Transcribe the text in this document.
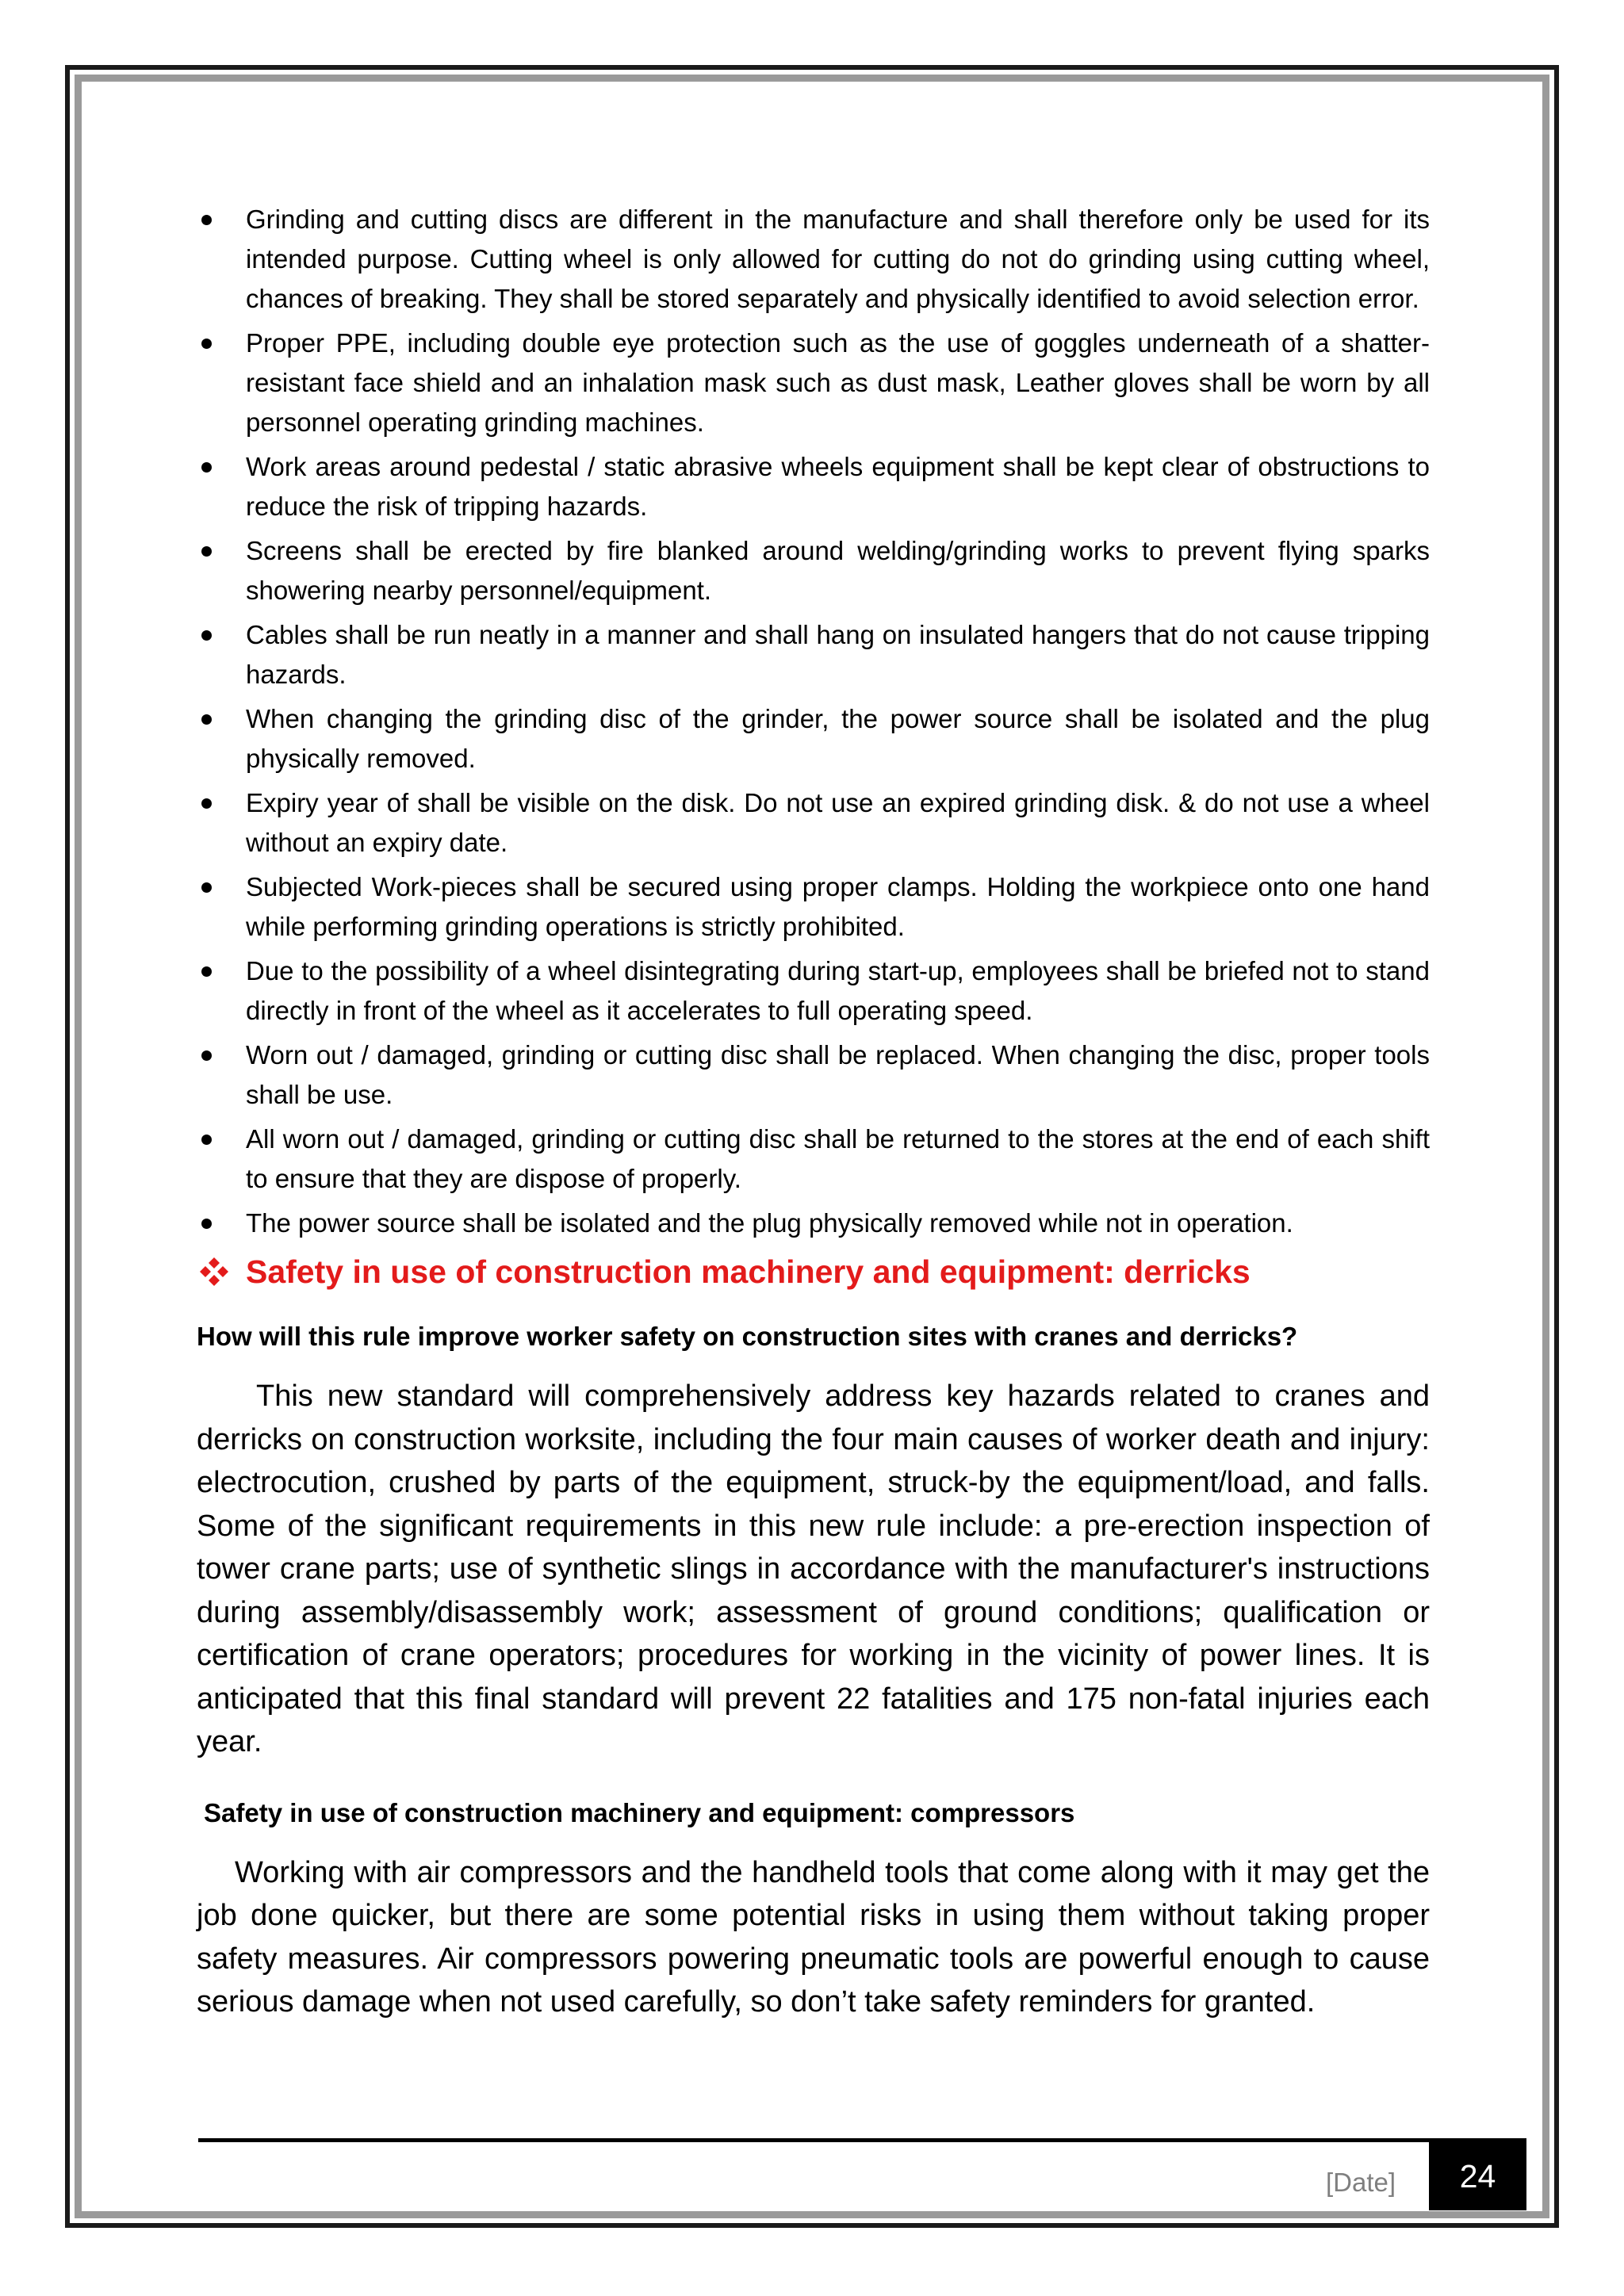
Grinding and cutting discs are different in the manufacture and shall therefore only be used for its intended purpose. Cutting wheel is only allowed for cutting do not do grinding using cutting wheel, chances of breaking. They shall be stored separately and physically identified to avoid selection error.
Proper PPE, including double eye protection such as the use of goggles underneath of a shatter-resistant face shield and an inhalation mask such as dust mask, Leather gloves shall be worn by all personnel operating grinding machines.
Work areas around pedestal / static abrasive wheels equipment shall be kept clear of obstructions to reduce the risk of tripping hazards.
Screens shall be erected by fire blanked around welding/grinding works to prevent flying sparks showering nearby personnel/equipment.
Cables shall be run neatly in a manner and shall hang on insulated hangers that do not cause tripping hazards.
When changing the grinding disc of the grinder, the power source shall be isolated and the plug physically removed.
Expiry year of shall be visible on the disk. Do not use an expired grinding disk. & do not use a wheel without an expiry date.
Subjected Work-pieces shall be secured using proper clamps. Holding the workpiece onto one hand while performing grinding operations is strictly prohibited.
Due to the possibility of a wheel disintegrating during start-up, employees shall be briefed not to stand directly in front of the wheel as it accelerates to full operating speed.
Worn out / damaged, grinding or cutting disc shall be replaced. When changing the disc, proper tools shall be use.
All worn out / damaged, grinding or cutting disc shall be returned to the stores at the end of each shift to ensure that they are dispose of properly.
The power source shall be isolated and the plug physically removed while not in operation.
Safety in use of construction machinery and equipment: derricks
How will this rule improve worker safety on construction sites with cranes and derricks?

This new standard will comprehensively address key hazards related to cranes and derricks on construction worksite, including the four main causes of worker death and injury: electrocution, crushed by parts of the equipment, struck-by the equipment/load, and falls. Some of the significant requirements in this new rule include: a pre-erection inspection of tower crane parts; use of synthetic slings in accordance with the manufacturer's instructions during assembly/disassembly work; assessment of ground conditions; qualification or certification of crane operators; procedures for working in the vicinity of power lines. It is anticipated that this final standard will prevent 22 fatalities and 175 non-fatal injuries each year.

Safety in use of construction machinery and equipment: compressors

Working with air compressors and the handheld tools that come along with it may get the job done quicker, but there are some potential risks in using them without taking proper safety measures. Air compressors powering pneumatic tools are powerful enough to cause serious damage when not used carefully, so don’t take safety reminders for granted.

[Date] 24
